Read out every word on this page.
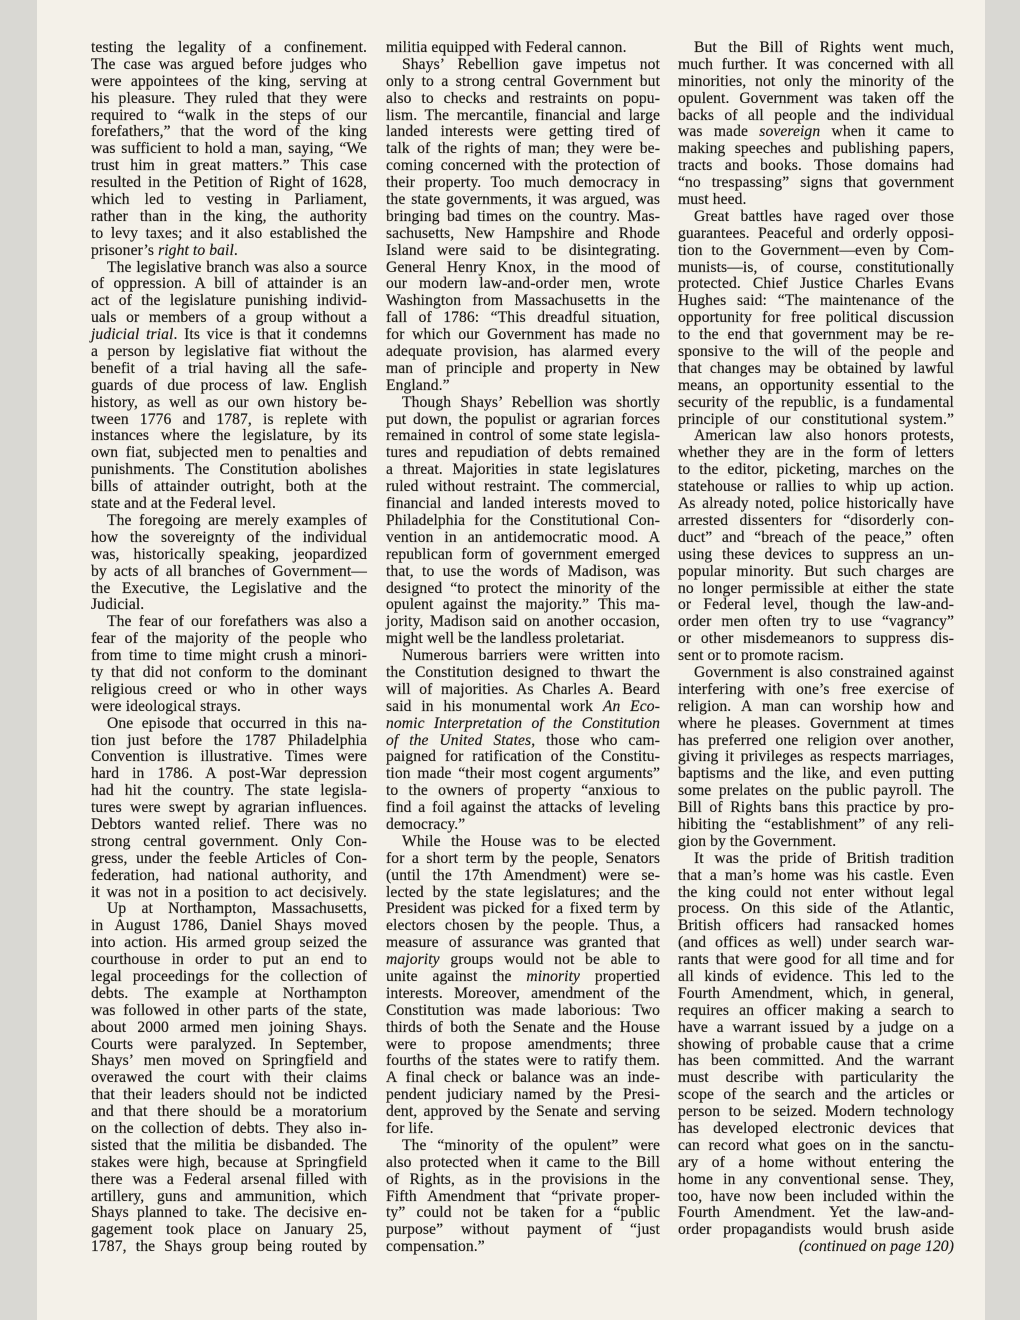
testing the legality of a confinement.
The case was argued before judges who
were appointees of the king, serving at
his pleasure. They ruled that they were
required to “walk in the steps of our
forefathers,” that the word of the king
was sufficient to hold a man, saying, “We
trust him in great matters.” This case
resulted in the Petition of Right of 1628,
which led to vesting in Parliament,
rather than in the king, the authority
to levy taxes; and it also established the
prisoner’s right to bail.
The legislative branch was also a source
of oppression. A bill of attainder is an
act of the legislature punishing individ-
uals or members of a group without a
judicial trial. Its vice is that it condemns
a person by legislative fiat without the
benefit of a trial having all the safe-
guards of due process of law. English
history, as well as our own history be-
tween 1776 and 1787, is replete with
instances where the legislature, by its
own fiat, subjected men to penalties and
punishments. The Constitution abolishes
bills of attainder outright, both at the
state and at the Federal level.
The foregoing are merely examples of
how the sovereignty of the individual
was, historically speaking, jeopardized
by acts of all branches of Government—
the Executive, the Legislative and the
Judicial.
The fear of our forefathers was also a
fear of the majority of the people who
from time to time might crush a minori-
ty that did not conform to the dominant
religious creed or who in other ways
were ideological strays.
One episode that occurred in this na-
tion just before the 1787 Philadelphia
Convention is illustrative. Times were
hard in 1786. A post-War depression
had hit the country. The state legisla-
tures were swept by agrarian influences.
Debtors wanted relief. There was no
strong central government. Only Con-
gress, under the feeble Articles of Con-
federation, had national authority, and
it was not in a position to act decisively.
Up at Northampton, Massachusetts,
in August 1786, Daniel Shays moved
into action. His armed group seized the
courthouse in order to put an end to
legal proceedings for the collection of
debts. The example at Northampton
was followed in other parts of the state,
about 2000 armed men joining Shays.
Courts were paralyzed. In September,
Shays’ men moved on Springfield and
overawed the court with their claims
that their leaders should not be indicted
and that there should be a moratorium
on the collection of debts. They also in-
sisted that the militia be disbanded. The
stakes were high, because at Springfield
there was a Federal arsenal filled with
artillery, guns and ammunition, which
Shays planned to take. The decisive en-
gagement took place on January 25,
1787, the Shays group being routed by
militia equipped with Federal cannon.
Shays’ Rebellion gave impetus not
only to a strong central Government but
also to checks and restraints on popu-
lism. The mercantile, financial and large
landed interests were getting tired of
talk of the rights of man; they were be-
coming concerned with the protection of
their property. Too much democracy in
the state governments, it was argued, was
bringing bad times on the country. Mas-
sachusetts, New Hampshire and Rhode
Island were said to be disintegrating.
General Henry Knox, in the mood of
our modern law-and-order men, wrote
Washington from Massachusetts in the
fall of 1786: “This dreadful situation,
for which our Government has made no
adequate provision, has alarmed every
man of principle and property in New
England.”
Though Shays’ Rebellion was shortly
put down, the populist or agrarian forces
remained in control of some state legisla-
tures and repudiation of debts remained
a threat. Majorities in state legislatures
ruled without restraint. The commercial,
financial and landed interests moved to
Philadelphia for the Constitutional Con-
vention in an antidemocratic mood. A
republican form of government emerged
that, to use the words of Madison, was
designed “to protect the minority of the
opulent against the majority.” This ma-
jority, Madison said on another occasion,
might well be the landless proletariat.
Numerous barriers were written into
the Constitution designed to thwart the
will of majorities. As Charles A. Beard
said in his monumental work An Eco-
nomic Interpretation of the Constitution
of the United States, those who cam-
paigned for ratification of the Constitu-
tion made “their most cogent arguments”
to the owners of property “anxious to
find a foil against the attacks of leveling
democracy.”
While the House was to be elected
for a short term by the people, Senators
(until the 17th Amendment) were se-
lected by the state legislatures; and the
President was picked for a fixed term by
electors chosen by the people. Thus, a
measure of assurance was granted that
majority groups would not be able to
unite against the minority propertied
interests. Moreover, amendment of the
Constitution was made laborious: Two
thirds of both the Senate and the House
were to propose amendments; three
fourths of the states were to ratify them.
A final check or balance was an inde-
pendent judiciary named by the Presi-
dent, approved by the Senate and serving
for life.
The “minority of the opulent” were
also protected when it came to the Bill
of Rights, as in the provisions in the
Fifth Amendment that “private proper-
ty” could not be taken for a “public
purpose” without payment of “just
compensation.”
But the Bill of Rights went much,
much further. It was concerned with all
minorities, not only the minority of the
opulent. Government was taken off the
backs of all people and the individual
was made sovereign when it came to
making speeches and publishing papers,
tracts and books. Those domains had
“no trespassing” signs that government
must heed.
Great battles have raged over those
guarantees. Peaceful and orderly opposi-
tion to the Government—even by Com-
munists—is, of course, constitutionally
protected. Chief Justice Charles Evans
Hughes said: “The maintenance of the
opportunity for free political discussion
to the end that government may be re-
sponsive to the will of the people and
that changes may be obtained by lawful
means, an opportunity essential to the
security of the republic, is a fundamental
principle of our constitutional system.”
American law also honors protests,
whether they are in the form of letters
to the editor, picketing, marches on the
statehouse or rallies to whip up action.
As already noted, police historically have
arrested dissenters for “disorderly con-
duct” and “breach of the peace,” often
using these devices to suppress an un-
popular minority. But such charges are
no longer permissible at either the state
or Federal level, though the law-and-
order men often try to use “vagrancy”
or other misdemeanors to suppress dis-
sent or to promote racism.
Government is also constrained against
interfering with one’s free exercise of
religion. A man can worship how and
where he pleases. Government at times
has preferred one religion over another,
giving it privileges as respects marriages,
baptisms and the like, and even putting
some prelates on the public payroll. The
Bill of Rights bans this practice by pro-
hibiting the “establishment” of any reli-
gion by the Government.
It was the pride of British tradition
that a man’s home was his castle. Even
the king could not enter without legal
process. On this side of the Atlantic,
British officers had ransacked homes
(and offices as well) under search war-
rants that were good for all time and for
all kinds of evidence. This led to the
Fourth Amendment, which, in general,
requires an officer making a search to
have a warrant issued by a judge on a
showing of probable cause that a crime
has been committed. And the warrant
must describe with particularity the
scope of the search and the articles or
person to be seized. Modern technology
has developed electronic devices that
can record what goes on in the sanctu-
ary of a home without entering the
home in any conventional sense. They,
too, have now been included within the
Fourth Amendment. Yet the law-and-
order propagandists would brush aside
(continued on page 120)
